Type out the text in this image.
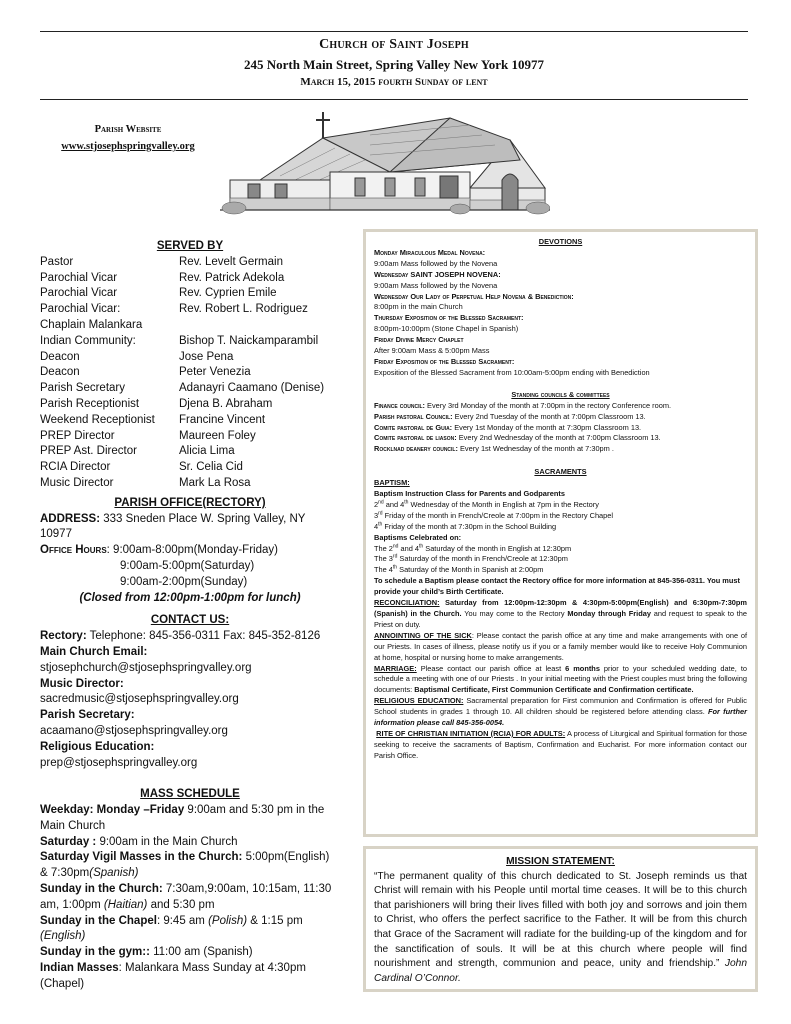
Church of Saint Joseph
245 North Main Street, Spring Valley New York 10977
March 15, 2015 fourth Sunday of lent
Parish Website
www.stjosephspringvalley.org
SERVED BY
Pastor	Rev. Levelt Germain
Parochial Vicar	Rev. Patrick Adekola
Parochial Vicar	Rev. Cyprien Emile
Parochial Vicar:	Rev. Robert L. Rodriguez
Chaplain Malankara
Indian Community:	Bishop T. Naickamparambil
Deacon	Jose Pena
Deacon	Peter Venezia
Parish Secretary	Adanayri Caamano (Denise)
Parish Receptionist	Djena B. Abraham
Weekend Receptionist	Francine Vincent
PREP Director	Maureen Foley
PREP Ast. Director	Alicia Lima
RCIA Director	Sr. Celia Cid
Music Director	Mark La Rosa
PARISH OFFICE(RECTORY)

ADDRESS: 333 Sneden Place W. Spring Valley, NY 10977

Office Hours: 9:00am-8:00pm(Monday-Friday)

9:00am-5:00pm(Saturday)

9:00am-2:00pm(Sunday)

(Closed from 12:00pm-1:00pm for lunch)

CONTACT US:

Rectory: Telephone: 845-356-0311 Fax: 845-352-8126

Main Church Email:

stjosephchurch@stjosephspringvalley.org

Music Director:

sacredmusic@stjosephspringvalley.org

Parish Secretary:

acaamano@stjosephspringvalley.org

Religious Education:

prep@stjosephspringvalley.org

MASS SCHEDULE

Weekday: Monday –Friday 9:00am and 5:30 pm in the Main Church

Saturday : 9:00am in the Main Church

Saturday Vigil Masses in the Church: 5:00pm(English) & 7:30pm(Spanish)

Sunday in the Church: 7:30am,9:00am, 10:15am, 11:30 am, 1:00pm (Haitian) and 5:30 pm

Sunday in the Chapel: 9:45 am (Polish) & 1:15 pm (English)

Sunday in the gym:: 11:00 am (Spanish)

Indian Masses: Malankara Mass Sunday at 4:30pm (Chapel)

DEVOTIONS
Monday Miraculous Medal Novena:
9:00am Mass followed by the Novena
Wednesday SAINT JOSEPH NOVENA:
9:00am Mass followed by the Novena
Wednesday Our Lady of Perpetual Help Novena & Benediction:
8:00pm in the main Church
Thursday Exposition of the Blessed Sacrament:
8:00pm-10:00pm (Stone Chapel in Spanish)
Friday Divine Mercy Chaplet
After 9:00am Mass & 5:00pm Mass
Friday Exposition of the Blessed Sacrament:
Exposition of the Blessed Sacrament from 10:00am-5:00pm ending with Benediction
Standing councils & committees
Finance council: Every 3rd Monday of the month at 7:00pm in the rectory Conference room.
Parish pastoral Council: Every 2nd Tuesday of the month at 7:00pm Classroom 13.
Comite pastoral de Guia: Every 1st Monday of the month at 7:30pm Classroom 13.
Comite pastoral de liason: Every 2nd Wednesday of the month at 7:00pm Classroom 13.
Rocklnad deanery council: Every 1st Wednesday of the month at 7:30pm .
SACRAMENTS
BAPTISM:
Baptism Instruction Class for Parents and Godparents
2nd and 4th Wednesday of the Month in English at 7pm in the Rectory
3rd Friday of the month in French/Creole at 7:00pm in the Rectory Chapel
4th Friday of the month at 7:30pm in the School Building
Baptisms Celebrated on:
The 2nd and 4th Saturday of the month in English at 12:30pm
The 3rd Saturday of the month in French/Creole at 12:30pm
The 4th Saturday of the Month in Spanish at 2:00pm
To schedule a Baptism please contact the Rectory office for more information at 845-356-0311. You must provide your child’s Birth Certificate.
RECONCILIATION: Saturday from 12:00pm-12:30pm & 4:30pm-5:00pm(English) and 6:30pm-7:30pm (Spanish) in the Church. You may come to the Rectory Monday through Friday and request to speak to the Priest on duty.
ANNOINTING OF THE SICK: Please contact the parish office at any time and make arrangements with one of our Priests. In cases of illness, please notify us if you or a family member would like to receive Holy Communion at home, hospital or nursing home to make arrangements.
MARRIAGE: Please contact our parish office at least 6 months prior to your scheduled wedding date, to schedule a meeting with one of our Priests . In your initial meeting with the Priest couples must bring the following documents: Baptismal Certificate, First Communion Certificate and Confirmation certificate.
RELIGIOUS EDUCATION: Sacramental preparation for First communion and Confirmation is offered for Public School students in grades 1 through 10. All children should be registered before attending class. For further information please call 845-356-0054.
RITE OF CHRISTIAN INITIATION (RCIA) FOR ADULTS: A process of Liturgical and Spiritual formation for those seeking to receive the sacraments of Baptism, Confirmation and Eucharist. For more information contact our Parish Office.
MISSION STATEMENT:
“The permanent quality of this church dedicated to St. Joseph reminds us that Christ will remain with his People until mortal time ceases. It will be to this church that parishioners will bring their lives filled with both joy and sorrows and join them to Christ, who offers the perfect sacrifice to the Father. It will be from this church that Grace of the Sacrament will radiate for the building-up of the kingdom and for the sanctification of souls. It will be at this church where people will find nourishment and strength, communion and peace, unity and friendship.” John Cardinal O’Connor.
